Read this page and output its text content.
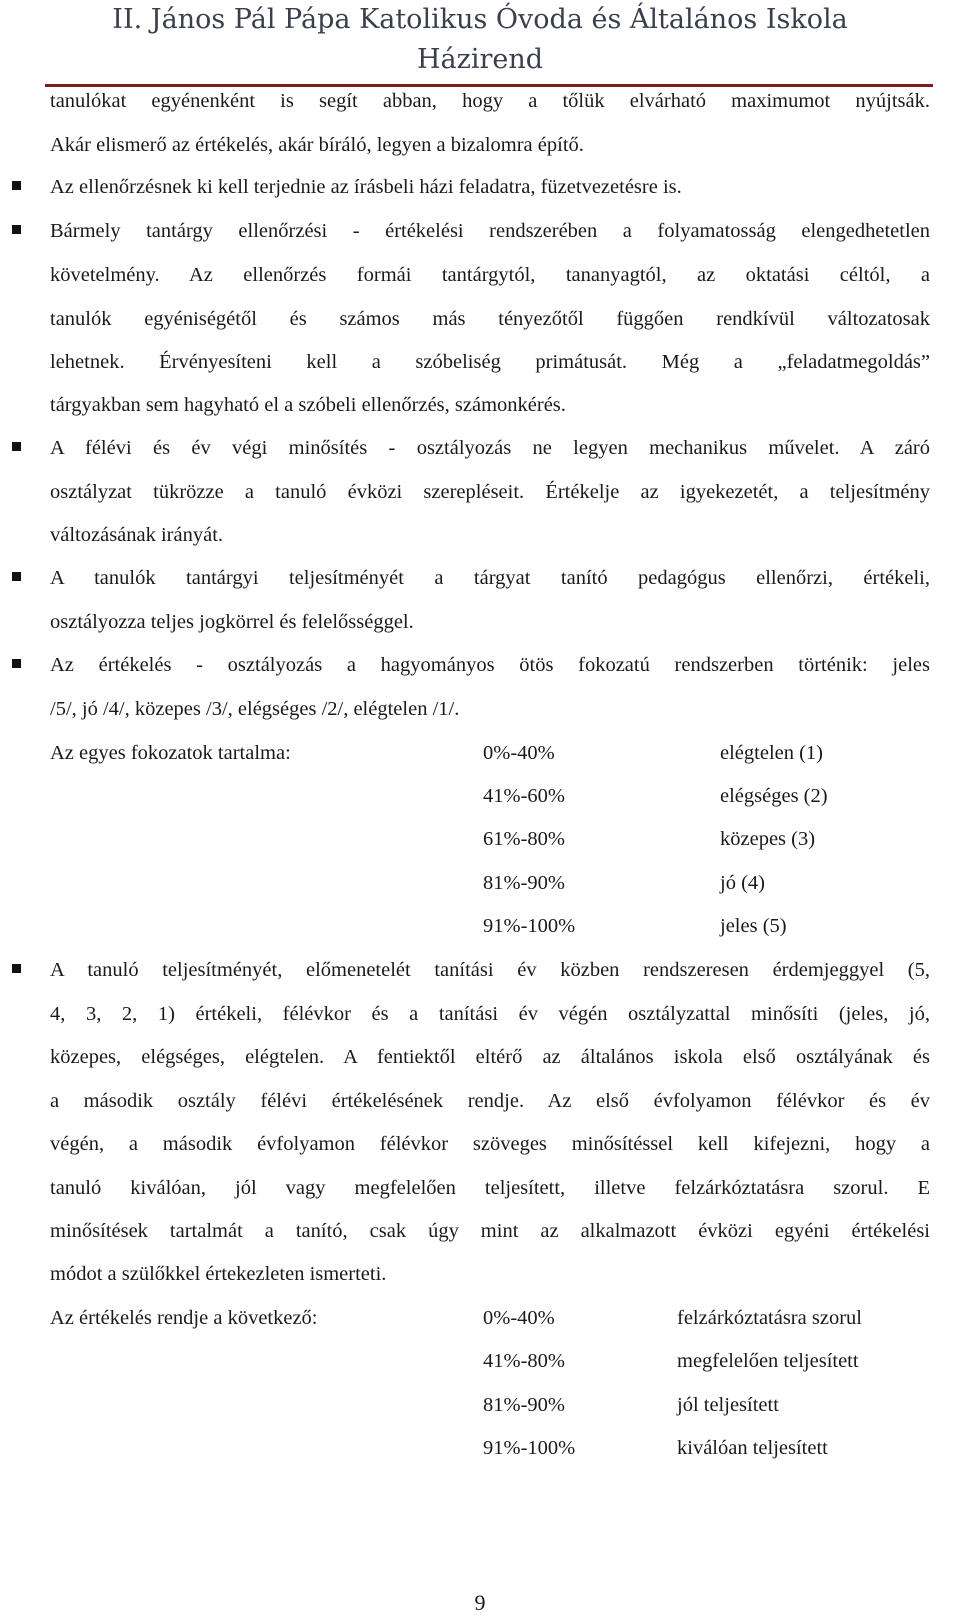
II. János Pál Pápa Katolikus Óvoda és Általános Iskola
Házirend
tanulókat egyénenként is segít abban, hogy a tőlük elvárható maximumot nyújtsák.
Akár elismerő az értékelés, akár bíráló, legyen a bizalomra építő.
Az ellenőrzésnek ki kell terjednie az írásbeli házi feladatra, füzetvezetésre is.
Bármely tantárgy ellenőrzési - értékelési rendszerében a folyamatosság elengedhetetlen
követelmény. Az ellenőrzés formái tantárgytól, tananyagtól, az oktatási céltól, a
tanulók egyéniségétől és számos más tényezőtől függően rendkívül változatosak
lehetnek. Érvényesíteni kell a szóbeliség primátusát. Még a „feladatmegoldás”
tárgyakban sem hagyható el a szóbeli ellenőrzés, számonkérés.
A félévi és év végi minősítés - osztályozás ne legyen mechanikus művelet. A záró
osztályzat tükrözze a tanuló évközi szerepléseit. Értékelje az igyekezetét, a teljesítmény
változásának irányát.
A tanulók tantárgyi teljesítményét a tárgyat tanító pedagógus ellenőrzi, értékeli,
osztályozza teljes jogkörrel és felelősséggel.
Az értékelés - osztályozás a hagyományos ötös fokozatú rendszerben történik: jeles
/5/, jó /4/, közepes /3/, elégséges /2/, elégtelen /1/.
Az egyes fokozatok tartalma:	0%-40%	elégtelen (1)
41%-60%	elégséges (2)
61%-80%	közepes (3)
81%-90%	jó (4)
91%-100%	jeles (5)
A tanuló teljesítményét, előmenetelét tanítási év közben rendszeresen érdemjeggyel (5,
4, 3, 2, 1) értékeli, félévkor és a tanítási év végén osztályzattal minősíti (jeles, jó,
közepes, elégséges, elégtelen. A fentiektől eltérő az általános iskola első osztályának és
a második osztály félévi értékelésének rendje. Az első évfolyamon félévkor és év
végén, a második évfolyamon félévkor szöveges minősítéssel kell kifejezni, hogy a
tanuló kiválóan, jól vagy megfelelően teljesített, illetve felzárkóztatásra szorul. E
minősítések tartalmát a tanító, csak úgy mint az alkalmazott évközi egyéni értékelési
módot a szülőkkel értekezleten ismerteti.
Az értékelés rendje a következő:	0%-40%	felzárkóztatásra szorul
41%-80%	megfelelően teljesített
81%-90%	jól teljesített
91%-100%	kiválóan teljesített
9
